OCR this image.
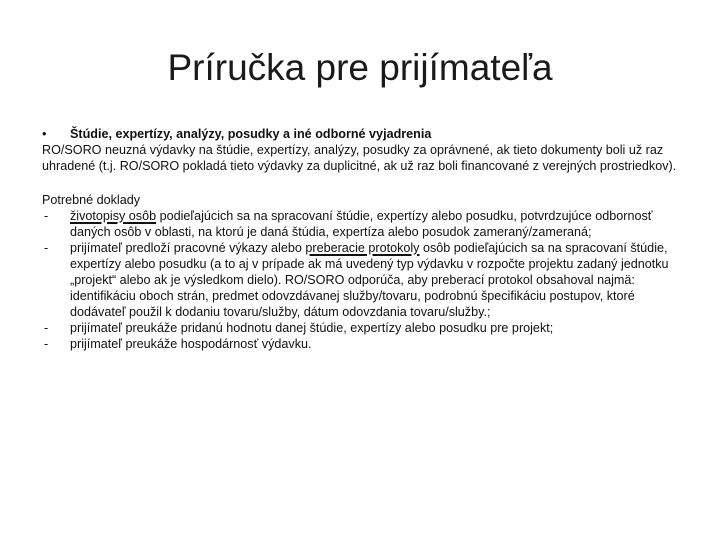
Príručka pre prijímateľa
• Štúdie, expertízy, analýzy, posudky a iné odborné vyjadrenia

RO/SORO neuzná výdavky na štúdie, expertízy, analýzy, posudky za oprávnené, ak tieto dokumenty boli už raz uhradené (t.j. RO/SORO pokladá tieto výdavky za duplicitné, ak už raz boli financované z verejných prostriedkov).

Potrebné doklady
- životopisy osôb podieľajúcich sa na spracovaní štúdie, expertízy alebo posudku, potvrdzujúce odbornosť daných osôb v oblasti, na ktorú je daná štúdia, expertíza alebo posudok zameraný/zameraná;
- prijímateľ predloží pracovné výkazy alebo preberacie protokoly osôb podieľajúcich sa na spracovaní štúdie, expertízy alebo posudku (a to aj v prípade ak má uvedený typ výdavku v rozpočte projektu zadaný jednotku „projekt“ alebo ak je výsledkom dielo). RO/SORO odporúča, aby preberací protokol obsahoval najmä: identifikáciu oboch strán, predmet odovzdávanej služby/tovaru, podrobnú špecifikáciu postupov, ktoré dodávateľ použil k dodaniu tovaru/služby, dátum odovzdania tovaru/služby.;
- prijímateľ preukáže pridanú hodnotu danej štúdie, expertízy alebo posudku pre projekt;
- prijímateľ preukáže hospodárnosť výdavku.
